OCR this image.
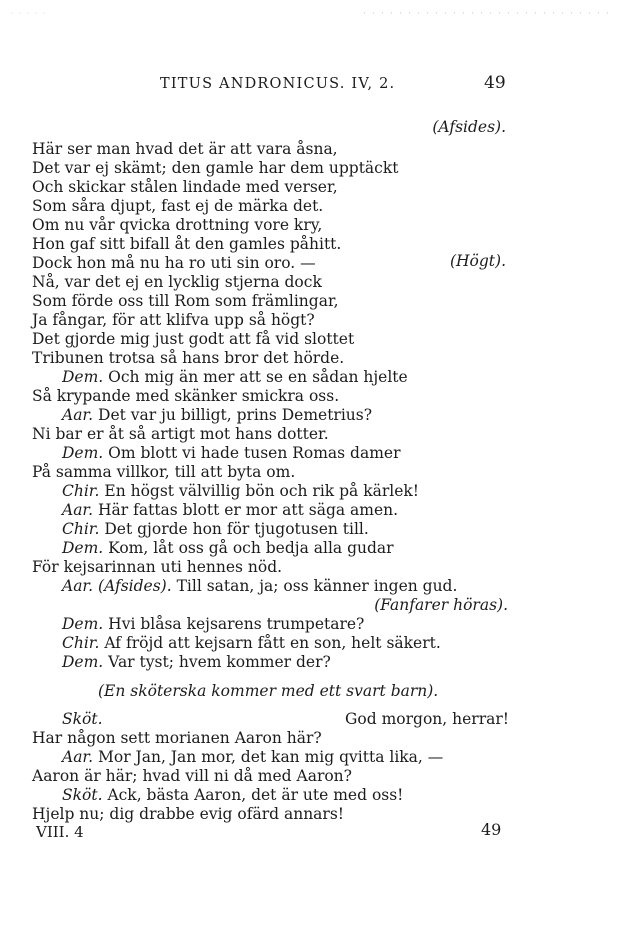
TITUS ANDRONICUS. IV, 2.	49
(Afsides).
Här ser man hvad det är att vara åsna,
Det var ej skämt; den gamle har dem upptäckt
Och skickar stålen lindade med verser,
Som såra djupt, fast ej de märka det.
Om nu vår qvicka drottning vore kry,
Hon gaf sitt bifall åt den gamles påhitt.
Dock hon må nu ha ro uti sin oro. —	(Högt).
Nå, var det ej en lycklig stjerna dock
Som förde oss till Rom som främlingar,
Ja fångar, för att klifva upp så högt?
Det gjorde mig just godt att få vid slottet
Tribunen trotsa så hans bror det hörde.
Dem. Och mig än mer att se en sådan hjelte
Så krypande med skänker smickra oss.
Aar. Det var ju billigt, prins Demetrius?
Ni bar er åt så artigt mot hans dotter.
Dem. Om blott vi hade tusen Romas damer
På samma villkor, till att byta om.
Chir. En högst välvillig bön och rik på kärlek!
Aar. Här fattas blott er mor att säga amen.
Chir. Det gjorde hon för tjugotusen till.
Dem. Kom, låt oss gå och bedja alla gudar
För kejsarinnan uti hennes nöd.
Aar. (Afsides). Till satan, ja; oss känner ingen gud.
(Fanfarer höras).
Dem. Hvi blåsa kejsarens trumpetare?
Chir. Af fröjd att kejsarn fått en son, helt säkert.
Dem. Var tyst; hvem kommer der?
(En sköterska kommer med ett svart barn).
Sköt.	God morgon, herrar!
Har någon sett morianen Aaron här?
Aar. Mor Jan, Jan mor, det kan mig qvitta lika, —
Aaron är här; hvad vill ni då med Aaron?
Sköt. Ack, bästa Aaron, det är ute med oss!
Hjelp nu; dig drabbe evig ofärd annars!
VIII. 4	49
